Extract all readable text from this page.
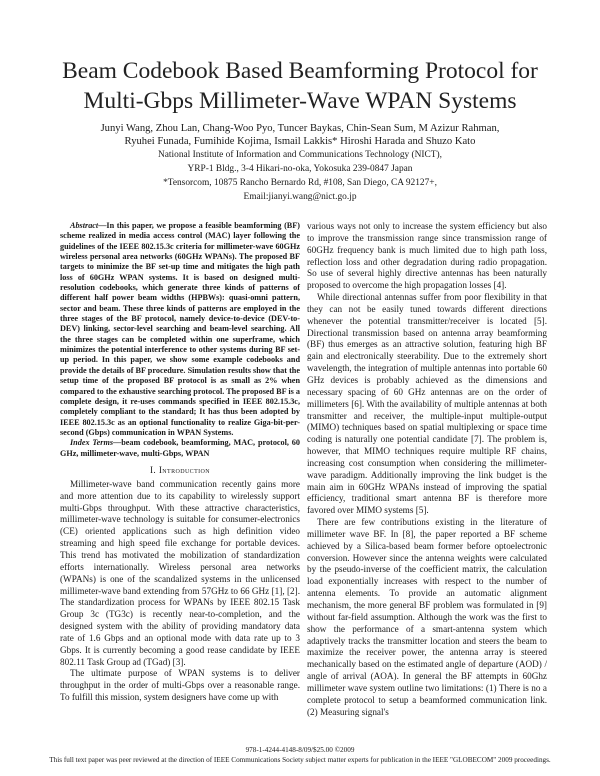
Beam Codebook Based Beamforming Protocol for
Multi-Gbps Millimeter-Wave WPAN Systems
Junyi Wang, Zhou Lan, Chang-Woo Pyo, Tuncer Baykas, Chin-Sean Sum, M Azizur Rahman,
Ryuhei Funada, Fumihide Kojima, Ismail Lakkis* Hiroshi Harada and Shuzo Kato
National Institute of Information and Communications Technology (NICT),
YRP-1 Bldg., 3-4 Hikari-no-oka, Yokosuka 239-0847 Japan
*Tensorcom, 10875 Rancho Bernardo Rd, #108, San Diego, CA 92127+,
Email:jianyi.wang@nict.go.jp

Abstract—In this paper, we propose a feasible beamforming (BF) scheme realized in media access control (MAC) layer following the guidelines of the IEEE 802.15.3c criteria for millimeter-wave 60GHz wireless personal area networks (60GHz WPANs). The proposed BF targets to minimize the BF set-up time and mitigates the high path loss of 60GHz WPAN systems. It is based on designed multi-resolution codebooks, which generate three kinds of patterns of different half power beam widths (HPBWs): quasi-omni pattern, sector and beam. These three kinds of patterns are employed in the three stages of the BF protocol, namely device-to-device (DEV-to-DEV) linking, sector-level searching and beam-level searching. All the three stages can be completed within one superframe, which minimizes the potential interference to other systems during BF set-up period. In this paper, we show some example codebooks and provide the details of BF procedure. Simulation results show that the setup time of the proposed BF protocol is as small as 2% when compared to the exhaustive searching protocol. The proposed BF is a complete design, it re-uses commands specified in IEEE 802.15.3c, completely compliant to the standard; It has thus been adopted by IEEE 802.15.3c as an optional functionality to realize Giga-bit-per-second (Gbps) communication in WPAN Systems.

Index Terms—beam codebook, beamforming, MAC, protocol, 60 GHz, millimeter-wave, multi-Gbps, WPAN

I. Introduction

Millimeter-wave band communication recently gains more and more attention due to its capability to wirelessly support multi-Gbps throughput. With these attractive characteristics, millimeter-wave technology is suitable for consumer-electronics (CE) oriented applications such as high definition video streaming and high speed file exchange for portable devices. This trend has motivated the mobilization of standardization efforts internationally. Wireless personal area networks (WPANs) is one of the scandalized systems in the unlicensed millimeter-wave band extending from 57GHz to 66 GHz [1], [2]. The standardization process for WPANs by IEEE 802.15 Task Group 3c (TG3c) is recently near-to-completion, and the designed system with the ability of providing mandatory data rate of 1.6 Gbps and an optional mode with data rate up to 3 Gbps. It is currently becoming a good rease candidate by IEEE 802.11 Task Group ad (TGad) [3].

The ultimate purpose of WPAN systems is to deliver throughput in the order of multi-Gbps over a reasonable range. To fulfill this mission, system designers have come up with

various ways not only to increase the system efficiency but also to improve the transmission range since transmission range of 60GHz frequency bank is much limited due to high path loss, reflection loss and other degradation during radio propagation. So use of several highly directive antennas has been naturally proposed to overcome the high propagation losses [4].

While directional antennas suffer from poor flexibility in that they can not be easily tuned towards different directions whenever the potential transmitter/receiver is located [5]. Directional transmission based on antenna array beamforming (BF) thus emerges as an attractive solution, featuring high BF gain and electronically steerability. Due to the extremely short wavelength, the integration of multiple antennas into portable 60 GHz devices is probably achieved as the dimensions and necessary spacing of 60 GHz antennas are on the order of millimeters [6]. With the availability of multiple antennas at both transmitter and receiver, the multiple-input multiple-output (MIMO) techniques based on spatial multiplexing or space time coding is naturally one potential candidate [7]. The problem is, however, that MIMO techniques require multiple RF chains, increasing cost consumption when considering the millimeter-wave paradigm. Additionally improving the link budget is the main aim in 60GHz WPANs instead of improving the spatial efficiency, traditional smart antenna BF is therefore more favored over MIMO systems [5].

There are few contributions existing in the literature of millimeter wave BF. In [8], the paper reported a BF scheme achieved by a Silica-based beam former before optoelectronic conversion. However since the antenna weights were calculated by the pseudo-inverse of the coefficient matrix, the calculation load exponentially increases with respect to the number of antenna elements. To provide an automatic alignment mechanism, the more general BF problem was formulated in [9] without far-field assumption. Although the work was the first to show the performance of a smart-antenna system which adaptively tracks the transmitter location and steers the beam to maximize the receiver power, the antenna array is steered mechanically based on the estimated angle of departure (AOD) / angle of arrival (AOA). In general the BF attempts in 60Ghz millimeter wave system outline two limitations: (1) There is no a complete protocol to setup a beamformed communication link. (2) Measuring signal's

978-1-4244-4148-8/09/$25.00 ©2009
This full text paper was peer reviewed at the direction of IEEE Communications Society subject matter experts for publication in the IEEE "GLOBECOM" 2009 proceedings.
